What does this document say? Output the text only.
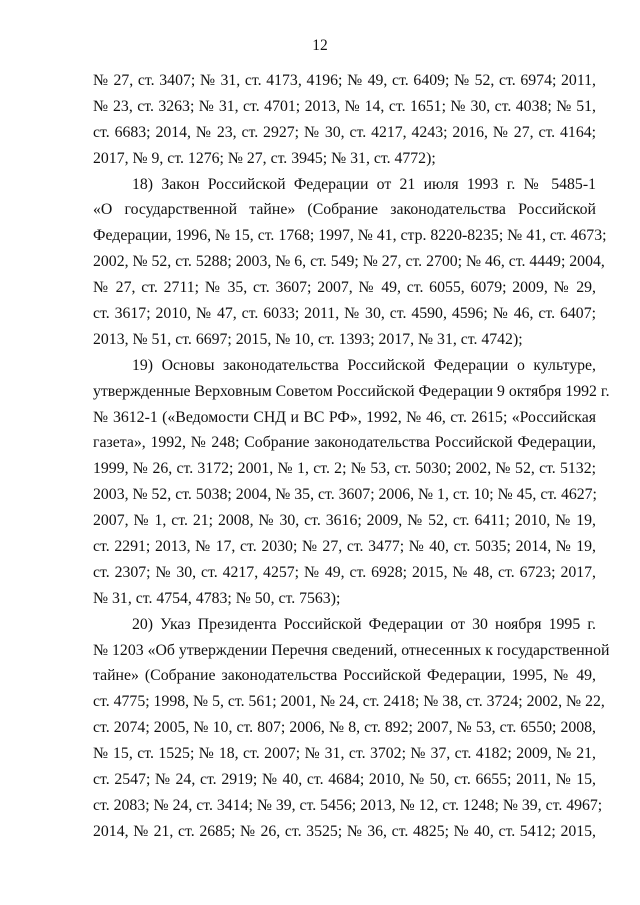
12
№ 27, ст. 3407; № 31, ст. 4173, 4196; № 49, ст. 6409; № 52, ст. 6974; 2011,
№ 23, ст. 3263; № 31, ст. 4701; 2013, № 14, ст. 1651; № 30, ст. 4038; № 51,
ст. 6683; 2014, № 23, ст. 2927; № 30, ст. 4217, 4243; 2016, № 27, ст. 4164;
2017, № 9, ст. 1276; № 27, ст. 3945; № 31, ст. 4772);
18) Закон Российской Федерации от 21 июля 1993 г. № 5485-1
«О государственной тайне» (Собрание законодательства Российской
Федерации, 1996, № 15, ст. 1768; 1997, № 41, стр. 8220-8235; № 41, ст. 4673;
2002, № 52, ст. 5288; 2003, № 6, ст. 549; № 27, ст. 2700; № 46, ст. 4449; 2004,
№ 27, ст. 2711; № 35, ст. 3607; 2007, № 49, ст. 6055, 6079; 2009, № 29,
ст. 3617; 2010, № 47, ст. 6033; 2011, № 30, ст. 4590, 4596; № 46, ст. 6407;
2013, № 51, ст. 6697; 2015, № 10, ст. 1393; 2017, № 31, ст. 4742);
19) Основы законодательства Российской Федерации о культуре,
утвержденные Верховным Советом Российской Федерации 9 октября 1992 г.
№ 3612-1 («Ведомости СНД и ВС РФ», 1992, № 46, ст. 2615; «Российская
газета», 1992, № 248; Собрание законодательства Российской Федерации,
1999, № 26, ст. 3172; 2001, № 1, ст. 2; № 53, ст. 5030; 2002, № 52, ст. 5132;
2003, № 52, ст. 5038; 2004, № 35, ст. 3607; 2006, № 1, ст. 10; № 45, ст. 4627;
2007, № 1, ст. 21; 2008, № 30, ст. 3616; 2009, № 52, ст. 6411; 2010, № 19,
ст. 2291; 2013, № 17, ст. 2030; № 27, ст. 3477; № 40, ст. 5035; 2014, № 19,
ст. 2307; № 30, ст. 4217, 4257; № 49, ст. 6928; 2015, № 48, ст. 6723; 2017,
№ 31, ст. 4754, 4783; № 50, ст. 7563);
20) Указ Президента Российской Федерации от 30 ноября 1995 г.
№ 1203 «Об утверждении Перечня сведений, отнесенных к государственной
тайне» (Собрание законодательства Российской Федерации, 1995, № 49,
ст. 4775; 1998, № 5, ст. 561; 2001, № 24, ст. 2418; № 38, ст. 3724; 2002, № 22,
ст. 2074; 2005, № 10, ст. 807; 2006, № 8, ст. 892; 2007, № 53, ст. 6550; 2008,
№ 15, ст. 1525; № 18, ст. 2007; № 31, ст. 3702; № 37, ст. 4182; 2009, № 21,
ст. 2547; № 24, ст. 2919; № 40, ст. 4684; 2010, № 50, ст. 6655; 2011, № 15,
ст. 2083; № 24, ст. 3414; № 39, ст. 5456; 2013, № 12, ст. 1248; № 39, ст. 4967;
2014, № 21, ст. 2685; № 26, ст. 3525; № 36, ст. 4825; № 40, ст. 5412; 2015,
